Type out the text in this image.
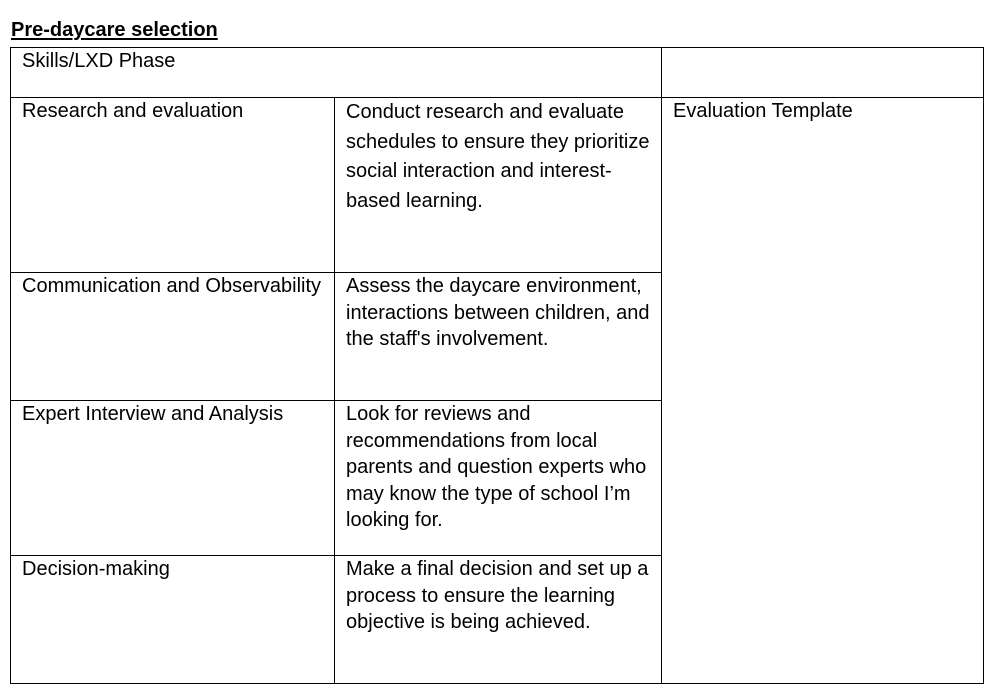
Pre-daycare selection
Skills/LXD Phase		
Research and evaluation	Conduct research and evaluate schedules to ensure they prioritize social interaction and interest-based learning.	Evaluation Template
Communication and Observability	Assess the daycare environment, interactions between children, and the staff's involvement.	
Expert Interview and Analysis	Look for reviews and recommendations from local parents and question experts who may know the type of school I’m looking for.	
Decision-making	Make a final decision and set up a process to ensure the learning objective is being achieved.	
